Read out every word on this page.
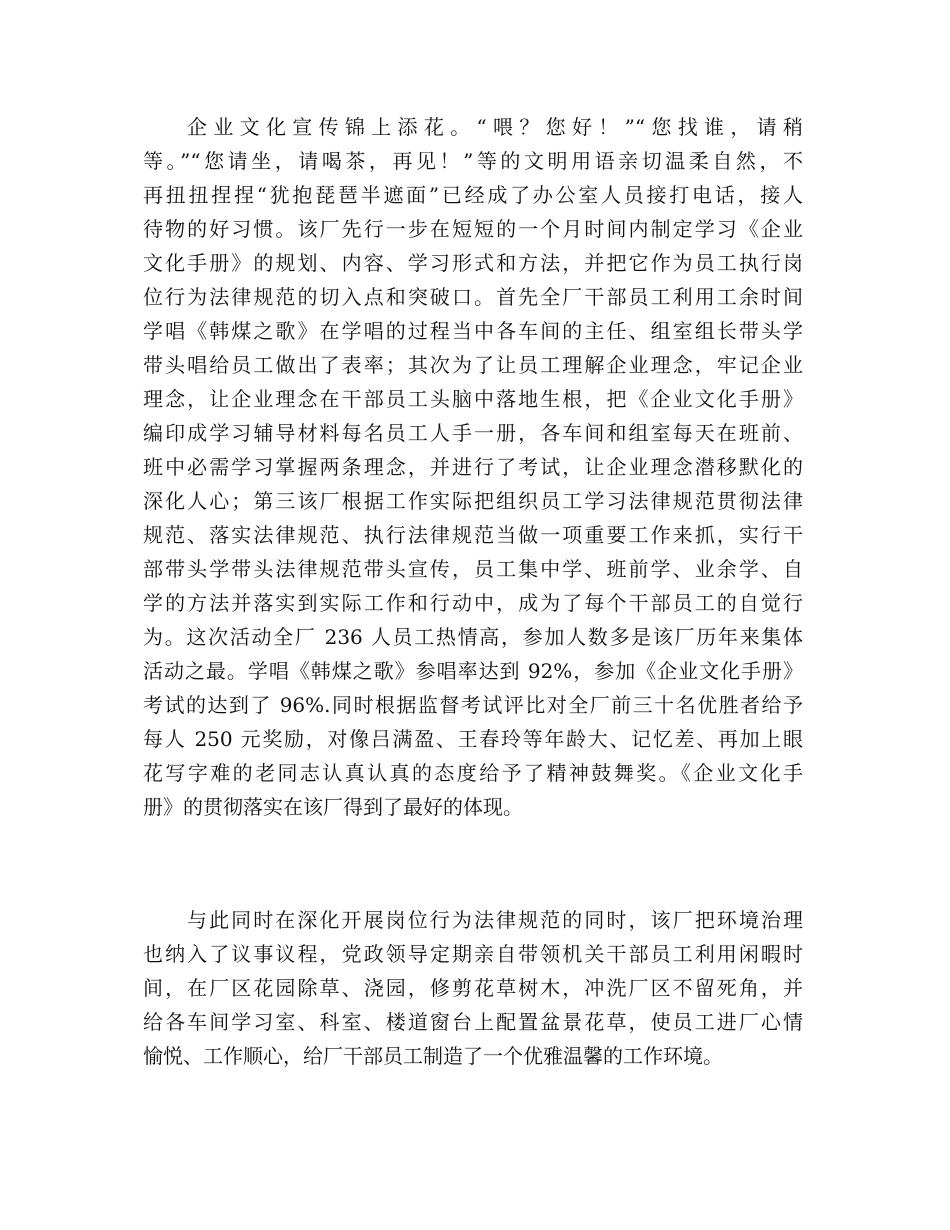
企业文化宣传锦上添花。“喂？您好！”“您找谁，请稍
等。”“您请坐，请喝茶，再见！”等的文明用语亲切温柔自然，不
再扭扭捏捏“犹抱琵琶半遮面”已经成了办公室人员接打电话，接人
待物的好习惯。该厂先行一步在短短的一个月时间内制定学习《企业
文化手册》的规划、内容、学习形式和方法，并把它作为员工执行岗
位行为法律规范的切入点和突破口。首先全厂干部员工利用工余时间
学唱《韩煤之歌》在学唱的过程当中各车间的主任、组室组长带头学
带头唱给员工做出了表率；其次为了让员工理解企业理念，牢记企业
理念，让企业理念在干部员工头脑中落地生根，把《企业文化手册》
编印成学习辅导材料每名员工人手一册，各车间和组室每天在班前、
班中必需学习掌握两条理念，并进行了考试，让企业理念潜移默化的
深化人心；第三该厂根据工作实际把组织员工学习法律规范贯彻法律
规范、落实法律规范、执行法律规范当做一项重要工作来抓，实行干
部带头学带头法律规范带头宣传，员工集中学、班前学、业余学、自
学的方法并落实到实际工作和行动中，成为了每个干部员工的自觉行
为。这次活动全厂 236 人员工热情高，参加人数多是该厂历年来集体
活动之最。学唱《韩煤之歌》参唱率达到 92%，参加《企业文化手册》
考试的达到了 96%.同时根据监督考试评比对全厂前三十名优胜者给予
每人 250 元奖励，对像吕满盈、王春玲等年龄大、记忆差、再加上眼
花写字难的老同志认真认真的态度给予了精神鼓舞奖。《企业文化手
册》的贯彻落实在该厂得到了最好的体现。
与此同时在深化开展岗位行为法律规范的同时，该厂把环境治理
也纳入了议事议程，党政领导定期亲自带领机关干部员工利用闲暇时
间，在厂区花园除草、浇园，修剪花草树木，冲洗厂区不留死角，并
给各车间学习室、科室、楼道窗台上配置盆景花草，使员工进厂心情
愉悦、工作顺心，给厂干部员工制造了一个优雅温馨的工作环境。
